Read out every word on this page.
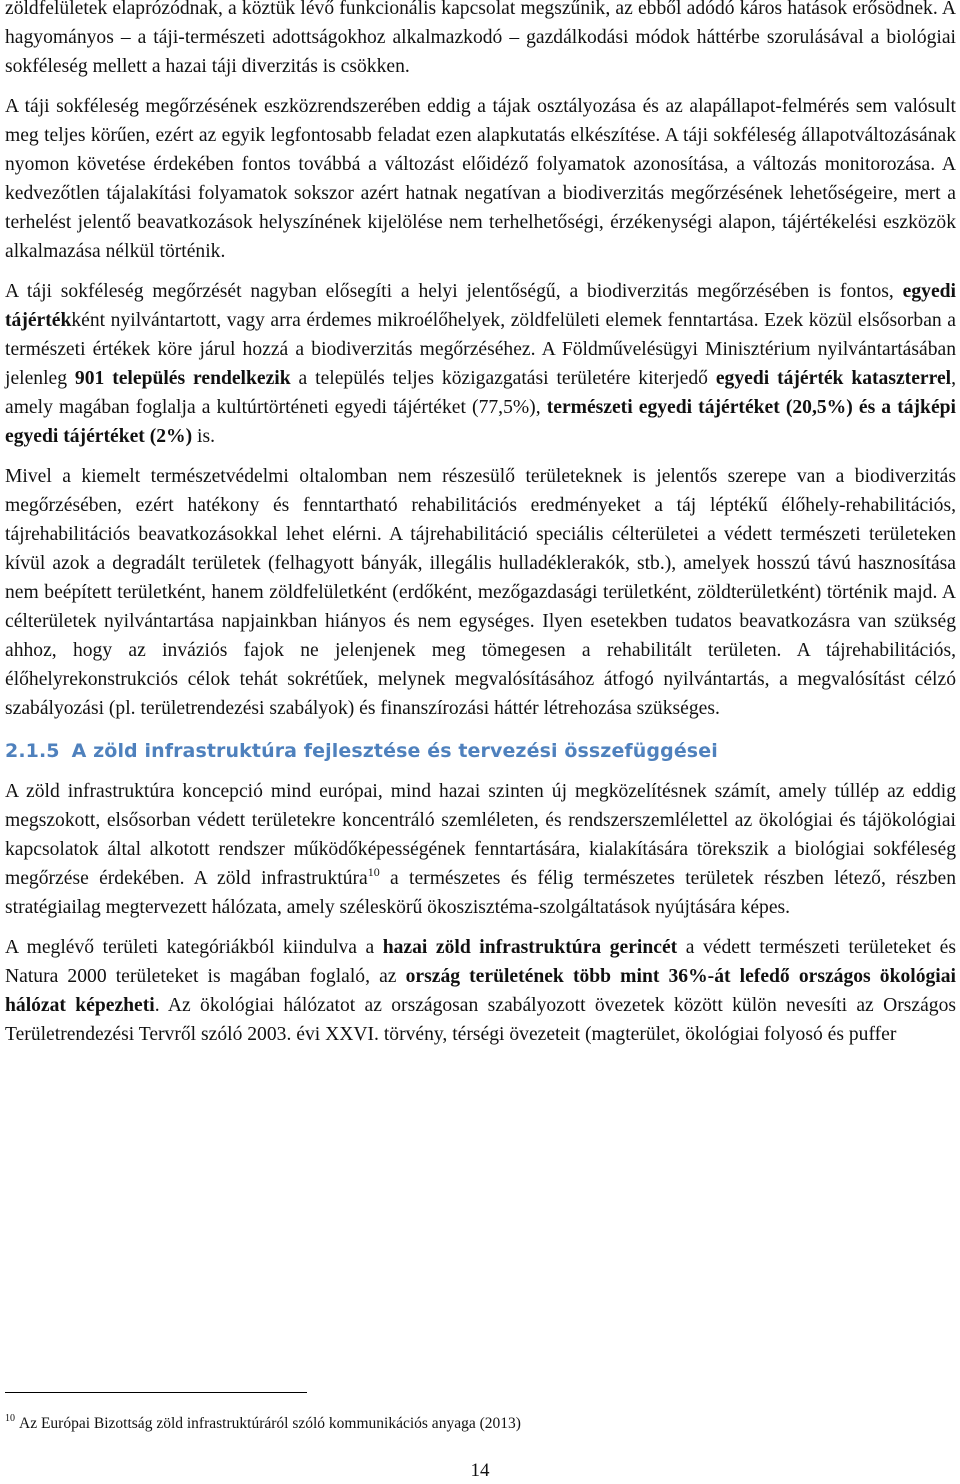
zöldfelületek elaprózódnak, a köztük lévő funkcionális kapcsolat megszűnik, az ebből adódó káros hatások erősödnek. A hagyományos – a táji-természeti adottságokhoz alkalmazkodó – gazdálkodási módok háttérbe szorulásával a biológiai sokféleség mellett a hazai táji diverzitás is csökken.

A táji sokféleség megőrzésének eszközrendszerében eddig a tájak osztályozása és az alapállapot-felmérés sem valósult meg teljes körűen, ezért az egyik legfontosabb feladat ezen alapkutatás elkészítése. A táji sokféleség állapotváltozásának nyomon követése érdekében fontos továbbá a változást előidéző folyamatok azonosítása, a változás monitorozása. A kedvezőtlen tájalakítási folyamatok sokszor azért hatnak negatívan a biodiverzitás megőrzésének lehetőségeire, mert a terhelést jelentő beavatkozások helyszínének kijelölése nem terhelhetőségi, érzékenységi alapon, tájértékelési eszközök alkalmazása nélkül történik.

A táji sokféleség megőrzését nagyban elősegíti a helyi jelentőségű, a biodiverzitás megőrzésében is fontos, egyedi tájértékként nyilvántartott, vagy arra érdemes mikroélőhelyek, zöldfelületi elemek fenntartása. Ezek közül elsősorban a természeti értékek köre járul hozzá a biodiverzitás megőrzéséhez. A Földművelésügyi Minisztérium nyilvántartásában jelenleg 901 település rendelkezik a település teljes közigazgatási területére kiterjedő egyedi tájérték kataszterrel, amely magában foglalja a kultúrtörténeti egyedi tájértéket (77,5%), természeti egyedi tájértéket (20,5%) és a tájképi egyedi tájértéket (2%) is.

Mivel a kiemelt természetvédelmi oltalomban nem részesülő területeknek is jelentős szerepe van a biodiverzitás megőrzésében, ezért hatékony és fenntartható rehabilitációs eredményeket a táj léptékű élőhely-rehabilitációs, tájrehabilitációs beavatkozásokkal lehet elérni. A tájrehabilitáció speciális célterületei a védett természeti területeken kívül azok a degradált területek (felhagyott bányák, illegális hulladéklerakók, stb.), amelyek hosszú távú hasznosítása nem beépített területként, hanem zöldfelületként (erdőként, mezőgazdasági területként, zöldterületként) történik majd. A célterületek nyilvántartása napjainkban hiányos és nem egységes. Ilyen esetekben tudatos beavatkozásra van szükség ahhoz, hogy az inváziós fajok ne jelenjenek meg tömegesen a rehabilitált területen. A tájrehabilitációs, élőhelyrekonstrukciós célok tehát sokrétűek, melynek megvalósításához átfogó nyilvántartás, a megvalósítást célzó szabályozási (pl. területrendezési szabályok) és finanszírozási háttér létrehozása szükséges.

2.1.5 A zöld infrastruktúra fejlesztése és tervezési összefüggései

A zöld infrastruktúra koncepció mind európai, mind hazai szinten új megközelítésnek számít, amely túllép az eddig megszokott, elsősorban védett területekre koncentráló szemléleten, és rendszerszemlélettel az ökológiai és tájökológiai kapcsolatok által alkotott rendszer működőképességének fenntartására, kialakítására törekszik a biológiai sokféleség megőrzése érdekében. A zöld infrastruktúra$^{10}$ a természetes és félig természetes területek részben létező, részben stratégiailag megtervezett hálózata, amely széleskörű ökoszisztéma-szolgáltatások nyújtására képes.

A meglévő területi kategóriákból kiindulva a hazai zöld infrastruktúra gerincét a védett természeti területeket és Natura 2000 területeket is magában foglaló, az ország területének több mint 36%-át lefedő országos ökológiai hálózat képezheti. Az ökológiai hálózatot az országosan szabályozott övezetek között külön nevesíti az Országos Területrendezési Tervről szóló 2003. évi XXVI. törvény, térségi övezeteit (magterület, ökológiai folyosó és puffer

$^{10}$ Az Európai Bizottság zöld infrastruktúráról szóló kommunikációs anyaga (2013)
14
